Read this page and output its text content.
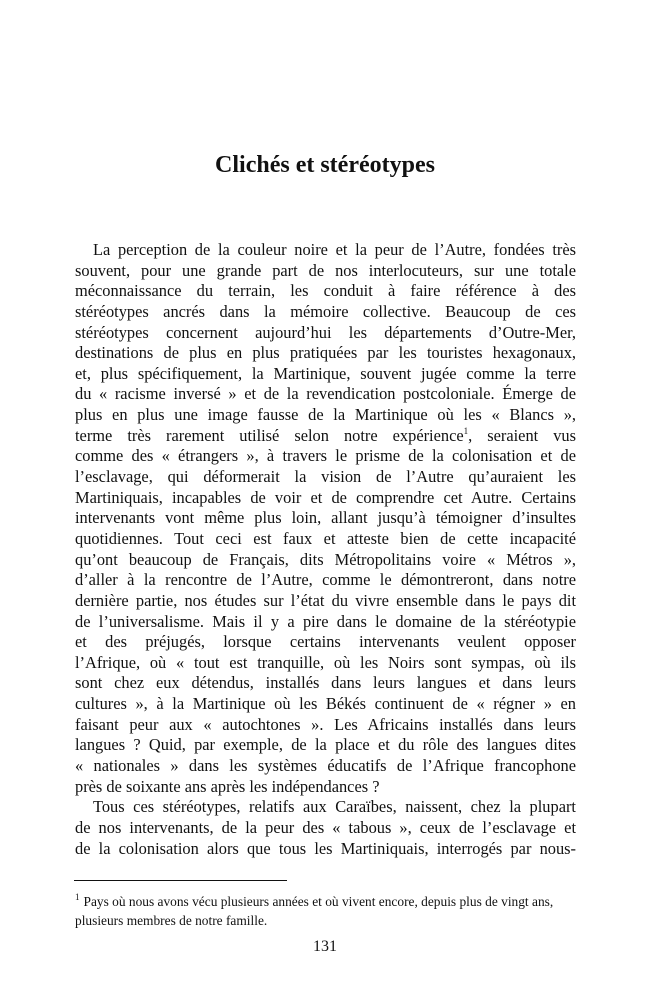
Clichés et stéréotypes
La perception de la couleur noire et la peur de l’Autre, fondées très
souvent, pour une grande part de nos interlocuteurs, sur une totale
méconnaissance du terrain, les conduit à faire référence à des
stéréotypes ancrés dans la mémoire collective. Beaucoup de ces
stéréotypes concernent aujourd’hui les départements d’Outre-Mer,
destinations de plus en plus pratiquées par les touristes hexagonaux,
et, plus spécifiquement, la Martinique, souvent jugée comme la terre
du « racisme inversé » et de la revendication postcoloniale. Émerge de
plus en plus une image fausse de la Martinique où les « Blancs »,
terme très rarement utilisé selon notre expérience$^1$, seraient vus
comme des « étrangers », à travers le prisme de la colonisation et de
l’esclavage, qui déformerait la vision de l’Autre qu’auraient les
Martiniquais, incapables de voir et de comprendre cet Autre. Certains
intervenants vont même plus loin, allant jusqu’à témoigner d’insultes
quotidiennes. Tout ceci est faux et atteste bien de cette incapacité
qu’ont beaucoup de Français, dits Métropolitains voire « Métros »,
d’aller à la rencontre de l’Autre, comme le démontreront, dans notre
dernière partie, nos études sur l’état du vivre ensemble dans le pays dit
de l’universalisme. Mais il y a pire dans le domaine de la stéréotypie
et des préjugés, lorsque certains intervenants veulent opposer
l’Afrique, où « tout est tranquille, où les Noirs sont sympas, où ils
sont chez eux détendus, installés dans leurs langues et dans leurs
cultures », à la Martinique où les Békés continuent de « régner » en
faisant peur aux « autochtones ». Les Africains installés dans leurs
langues ? Quid, par exemple, de la place et du rôle des langues dites
« nationales » dans les systèmes éducatifs de l’Afrique francophone
près de soixante ans après les indépendances ?
Tous ces stéréotypes, relatifs aux Caraïbes, naissent, chez la plupart
de nos intervenants, de la peur des « tabous », ceux de l’esclavage et
de la colonisation alors que tous les Martiniquais, interrogés par nous-
$^1$ Pays où nous avons vécu plusieurs années et où vivent encore, depuis plus de vingt ans, plusieurs membres de notre famille.
131
